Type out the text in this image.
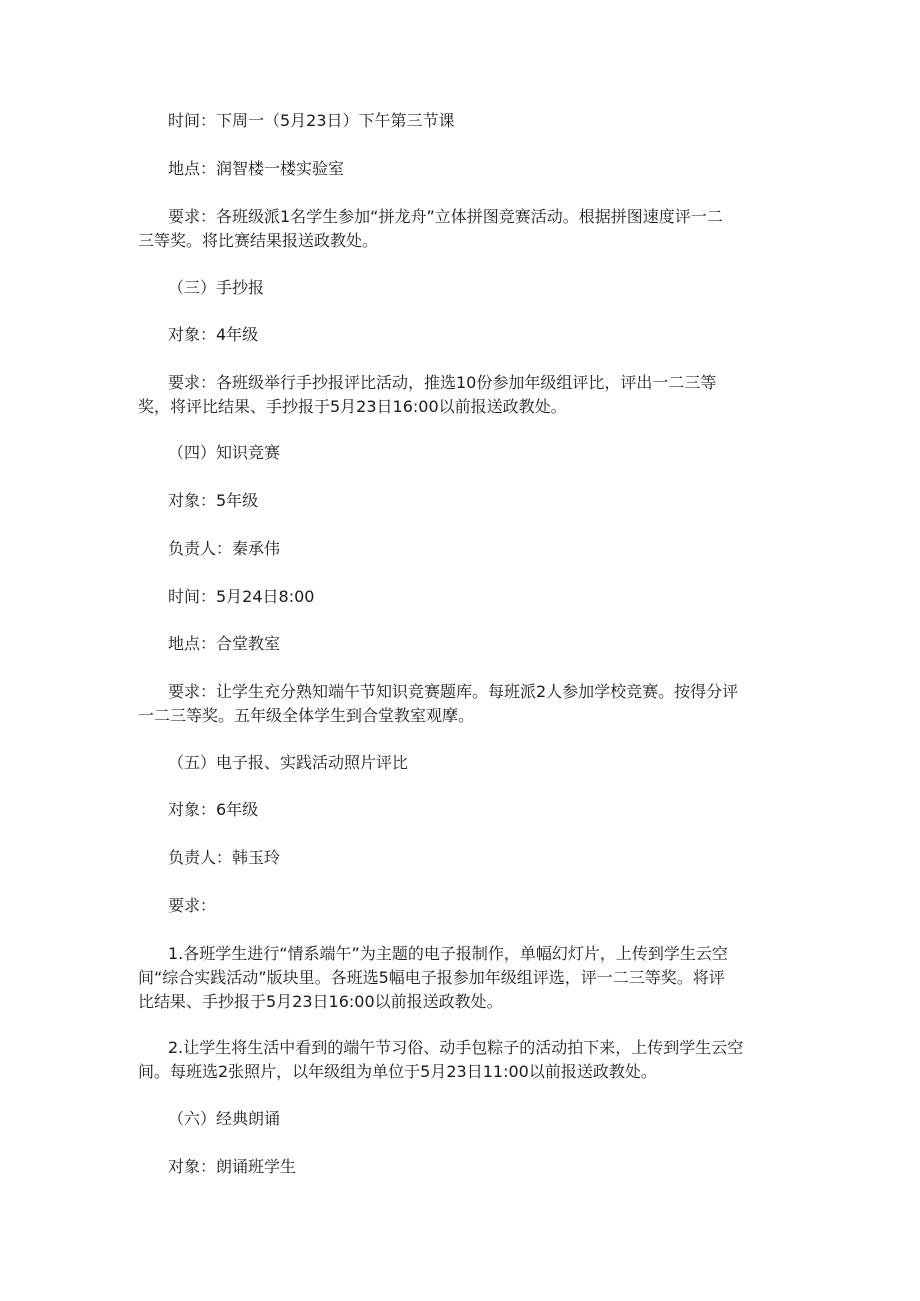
时间：下周一（5月23日）下午第三节课
地点：润智楼一楼实验室
要求：各班级派1名学生参加“拼龙舟”立体拼图竞赛活动。根据拼图速度评一二
三等奖。将比赛结果报送政教处。
（三）手抄报
对象：4年级
要求：各班级举行手抄报评比活动，推选10份参加年级组评比，评出一二三等
奖，将评比结果、手抄报于5月23日16:00以前报送政教处。
（四）知识竞赛
对象：5年级
负责人：秦承伟
时间：5月24日8:00
地点：合堂教室
要求：让学生充分熟知端午节知识竞赛题库。每班派2人参加学校竞赛。按得分评
一二三等奖。五年级全体学生到合堂教室观摩。
（五）电子报、实践活动照片评比
对象：6年级
负责人：韩玉玲
要求：
1.各班学生进行“情系端午”为主题的电子报制作，单幅幻灯片，上传到学生云空
间“综合实践活动”版块里。各班选5幅电子报参加年级组评选，评一二三等奖。将评
比结果、手抄报于5月23日16:00以前报送政教处。
2.让学生将生活中看到的端午节习俗、动手包粽子的活动拍下来，上传到学生云空
间。每班选2张照片，以年级组为单位于5月23日11:00以前报送政教处。
（六）经典朗诵
对象：朗诵班学生
